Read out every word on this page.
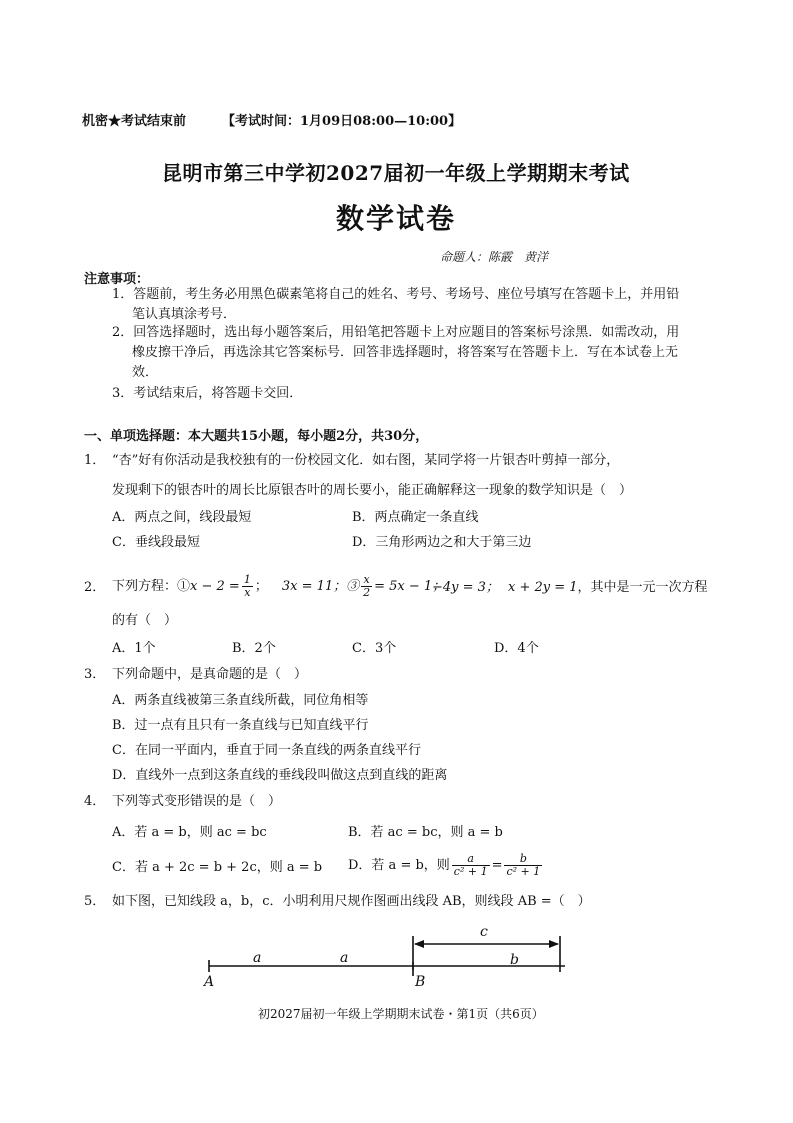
机密★考试结束前	【考试时间：1月09日08:00—10:00】
昆明市第三中学初2027届初一年级上学期期末考试
数学试卷
命题人：陈霰　黄洋
注意事项：
1．答题前，考生务必用黑色碳素笔将自己的姓名、考号、考场号、座位号填写在答题卡上，并用铅
笔认真填涂考号．
2．回答选择题时，选出每小题答案后，用铅笔把答题卡上对应题目的答案标号涂黑．如需改动，用
橡皮擦干净后，再选涂其它答案标号．回答非选择题时，将答案写在答题卡上．写在本试卷上无
效．
3．考试结束后，将答题卡交回．
一、单项选择题：本大题共15小题，每小题2分，共30分，
1． “杏”好有你活动是我校独有的一份校园文化．如右图，某同学将一片银杏叶剪掉一部分，
发现剩下的银杏叶的周长比原银杏叶的周长要小，能正确解释这一现象的数学知识是（　）
A．两点之间，线段最短	B．两点确定一条直线
C．垂线段最短	D．三角形两边之和大于第三边
2． 下列方程：①x − $2 = \frac{1}{x}$ ； 3x = 11；③ $\frac{x}{2} = 5x - 1$；
−4y = 3； x + 2y = 1，其中是一元一次方程
的有（　）
A．1个	B．2个	C．3个	D．4个
3． 下列命题中，是真命题的是（　）
A．两条直线被第三条直线所截，同位角相等
B．过一点有且只有一条直线与已知直线平行
C．在同一平面内，垂直于同一条直线的两条直线平行
D．直线外一点到这条直线的垂线段叫做这点到直线的距离
4． 下列等式变形错误的是（　）
A．若 a = b，则 ac = bc	B．若 ac = bc，则 a = b
C．若 a + 2c = b + 2c，则 a = b D．若 a = b，则 $\frac{a}{\text{c² + 1}} = \frac{b}{\text{c² + 1}}$
5． 如下图，已知线段 a，b，c．小明利用尺规作图画出线段 AB，则线段 AB =（　）
a	a
c
b
A	B
初2027届初一年级上学期期末试卷・第1页（共6页）
